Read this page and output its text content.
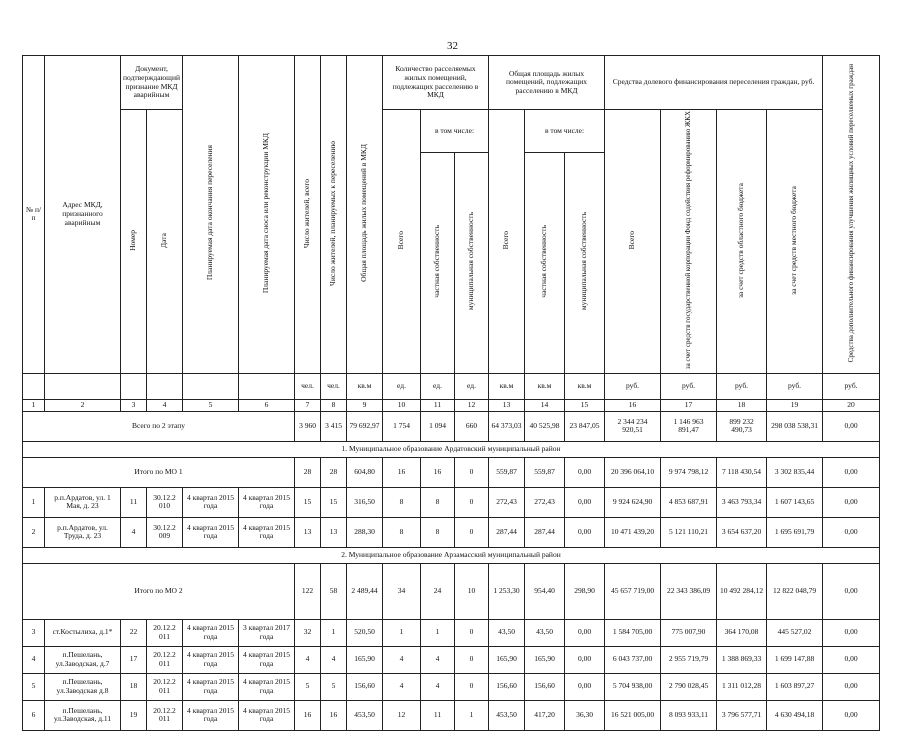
32
№ п/ п	Адрес МКД, признанного аварийным	Документ, подтверждающий признание МКД аварийным		Планируемая дата окончания переселения	Планируемая дата сноса или реконструкции МКД	Число жителей, всего	Число жителей, планируемых к переселению	Общая площадь жилых помещений в МКД	Количество расселяемых жилых помещений, подлежащих расселению в МКД			Общая площадь жилых помещений, подлежащих расселению в МКД			Средства долевого финансирования переселения граждан, руб.				Средства дополнительного финансирования улучшения жилищных условий переселяемых граждан
		Номер	Дата						Всего	в том числе:		Всего	в том числе:		Всего	за счет средств государственной корпорации Фонд содействия реформированию ЖКХ	за счет средств областного бюджета	за счет средств местного бюджета	
										частная собственность	муниципальная собственность		частная собственность	муниципальная собственность					
						чел.	чел.	кв.м	ед.	ед.	ед.	кв.м	кв.м	кв.м	руб.	руб.	руб.	руб.	руб.
1	2	3	4	5	6	7	8	9	10	11	12	13	14	15	16	17	18	19	20
Всего по 2 этапу						3 960	3 415	79 692,97	1 754	1 094	660	64 373,03	40 525,98	23 847,05	2 344 234 920,51	1 146 963 891,47	899 232 490,73	298 038 538,31	0,00
1. Муниципальное образование Ардатовский муниципальный район																			
Итого по МО 1						28	28	604,80	16	16	0	559,87	559,87	0,00	20 396 064,10	9 974 798,12	7 118 430,54	3 302 835,44	0,00
1	р.п.Ардатов, ул. 1 Мая, д. 23	11	30.12.2 010	4 квартал 2015 года	4 квартал 2015 года	15	15	316,50	8	8	0	272,43	272,43	0,00	9 924 624,90	4 853 687,91	3 463 793,34	1 607 143,65	0,00
2	р.п.Ардатов, ул. Труда, д. 23	4	30.12.2 009	4 квартал 2015 года	4 квартал 2015 года	13	13	288,30	8	8	0	287,44	287,44	0,00	10 471 439,20	5 121 110,21	3 654 637,20	1 695 691,79	0,00
2. Муниципальное образование Арзамасский муниципальный район																			
Итого по МО 2						122	58	2 489,44	34	24	10	1 253,30	954,40	298,90	45 657 719,00	22 343 386,09	10 492 284,12	12 822 048,79	0,00
3	ст.Костылиха, д.1*	22	20.12.2 011	4 квартал 2015 года	3 квартал 2017 года	32	1	520,50	1	1	0	43,50	43,50	0,00	1 584 705,00	775 007,90	364 170,08	445 527,02	0,00
4	п.Пешелань, ул.Заводская, д.7	17	20.12.2 011	4 квартал 2015 года	4 квартал 2015 года	4	4	165,90	4	4	0	165,90	165,90	0,00	6 043 737,00	2 955 719,79	1 388 869,33	1 699 147,88	0,00
5	п.Пешелань, ул.Заводская д.8	18	20.12.2 011	4 квартал 2015 года	4 квартал 2015 года	5	5	156,60	4	4	0	156,60	156,60	0,00	5 704 938,00	2 790 028,45	1 311 012,28	1 603 897,27	0,00
6	п.Пешелань, ул.Заводская, д.11	19	20.12.2 011	4 квартал 2015 года	4 квартал 2015 года	16	16	453,50	12	11	1	453,50	417,20	36,30	16 521 005,00	8 093 933,11	3 796 577,71	4 630 494,18	0,00
